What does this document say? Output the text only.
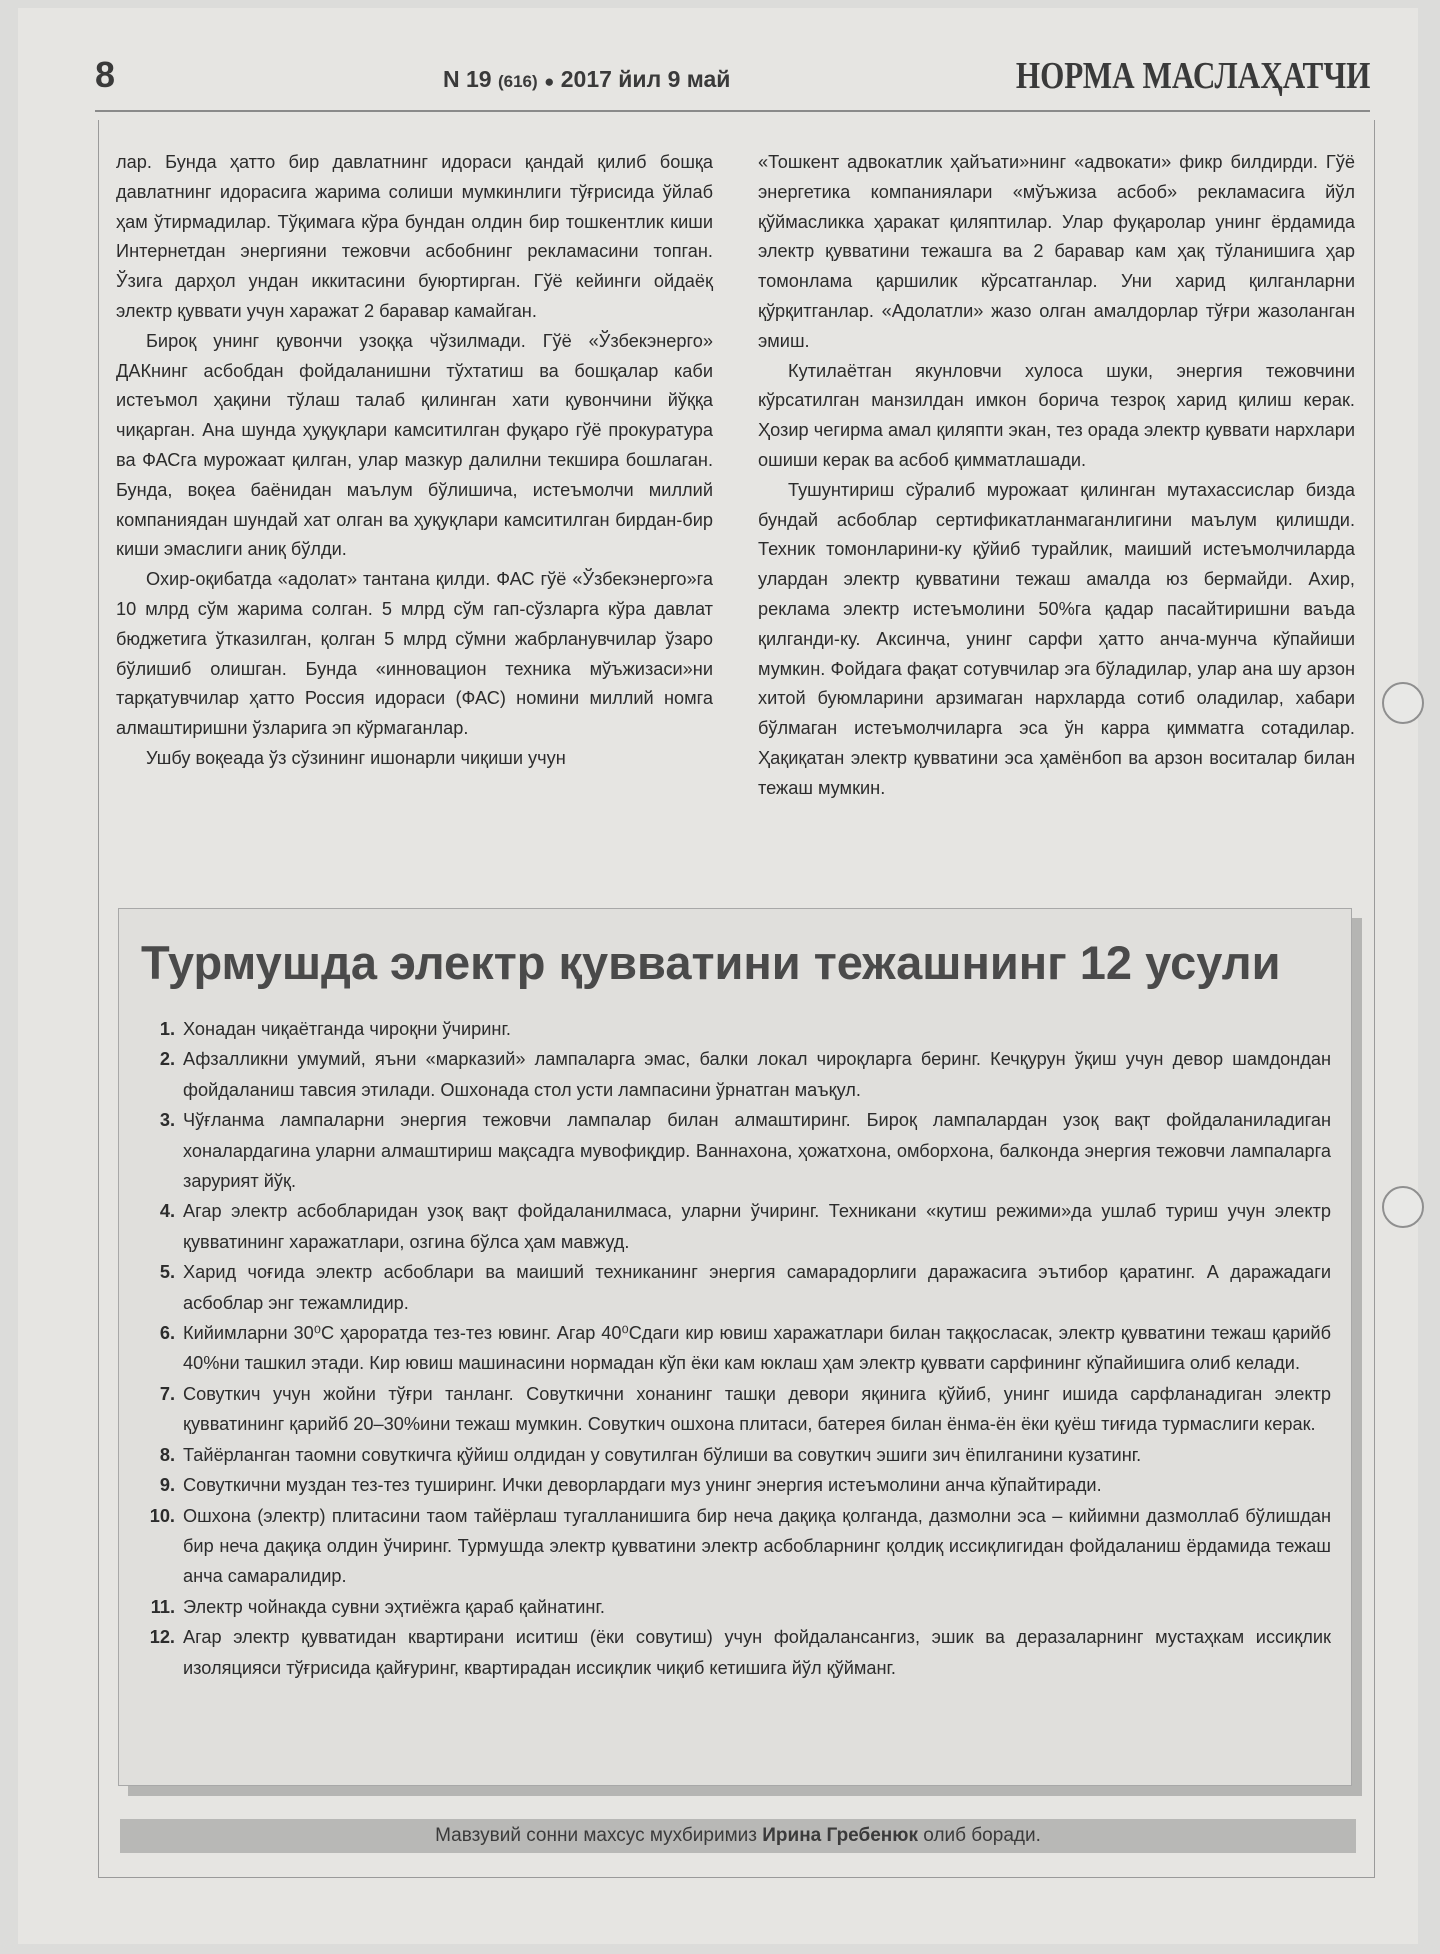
8	N 19 (616) ● 2017 йил 9 май	НОРМА МАСЛАҲАТЧИ

лар. Бунда ҳатто бир давлатнинг идораси қандай қилиб бошқа давлатнинг идорасига жарима солиши мумкинлиги тўғрисида ўйлаб ҳам ўтирмадилар. Тўқимага кўра бундан олдин бир тошкентлик киши Интернетдан энергияни тежовчи асбобнинг рекламасини топган. Ўзига дарҳол ундан иккитасини буюртирган. Гўё кейинги ойдаёқ электр қуввати учун харажат 2 баравар камайган.

Бироқ унинг қувончи узоққа чўзилмади. Гўё «Ўзбекэнерго» ДАКнинг асбобдан фойдаланишни тўхтатиш ва бошқалар каби истеъмол ҳақини тўлаш талаб қилинган хати қувончини йўққа чиқарган. Ана шунда ҳуқуқлари камситилган фуқаро гўё прокуратура ва ФАСга мурожаат қилган, улар мазкур далилни текшира бошлаган. Бунда, воқеа баёнидан маълум бўлишича, истеъмолчи миллий компаниядан шундай хат олган ва ҳуқуқлари камситилган бирдан-бир киши эмаслиги аниқ бўлди.

Охир-оқибатда «адолат» тантана қилди. ФАС гўё «Ўзбекэнерго»га 10 млрд сўм жарима солган. 5 млрд сўм гап-сўзларга кўра давлат бюджетига ўтказилган, қолган 5 млрд сўмни жабрланувчилар ўзаро бўлишиб олишган. Бунда «инновацион техника мўъжизаси»ни тарқатувчилар ҳатто Россия идораси (ФАС) номини миллий номга алмаштиришни ўзларига эп кўрмаганлар.

Ушбу воқеада ўз сўзининг ишонарли чиқиши учун

«Тошкент адвокатлик ҳайъати»нинг «адвокати» фикр билдирди. Гўё энергетика компаниялари «мўъжиза асбоб» рекламасига йўл қўймасликка ҳаракат қиляптилар. Улар фуқаролар унинг ёрдамида электр қувватини тежашга ва 2 баравар кам ҳақ тўланишига ҳар томонлама қаршилик кўрсатганлар. Уни харид қилганларни қўрқитганлар. «Адолатли» жазо олган амалдорлар тўғри жазоланган эмиш.

Кутилаётган якунловчи хулоса шуки, энергия тежовчини кўрсатилган манзилдан имкон борича тезроқ харид қилиш керак. Ҳозир чегирма амал қиляпти экан, тез орада электр қуввати нархлари ошиши керак ва асбоб қимматлашади.

Тушунтириш сўралиб мурожаат қилинган мутахассислар бизда бундай асбоблар сертификатланмаганлигини маълум қилишди. Техник томонларини-ку қўйиб турайлик, маиший истеъмолчиларда улардан электр қувватини тежаш амалда юз бермайди. Ахир, реклама электр истеъмолини 50%га қадар пасайтиришни ваъда қилганди-ку. Аксинча, унинг сарфи ҳатто анча-мунча кўпайиши мумкин. Фойдага фақат сотувчилар эга бўладилар, улар ана шу арзон хитой буюмларини арзимаган нархларда сотиб оладилар, хабари бўлмаган истеъмолчиларга эса ўн карра қимматга сотадилар. Ҳақиқатан электр қувватини эса ҳамёнбоп ва арзон воситалар билан тежаш мумкин.

Турмушда электр қувватини тежашнинг 12 усули
1. Хонадан чиқаётганда чироқни ўчиринг.
2. Афзалликни умумий, яъни «марказий» лампаларга эмас, балки локал чироқларга беринг. Кечқурун ўқиш учун девор шамдондан фойдаланиш тавсия этилади. Ошхонада стол усти лампасини ўрнатган маъқул.
3. Чўғланма лампаларни энергия тежовчи лампалар билан алмаштиринг. Бироқ лампалардан узоқ вақт фойдаланиладиган хоналардагина уларни алмаштириш мақсадга мувофиқдир. Ваннахона, ҳожатхона, омборхона, балконда энергия тежовчи лампаларга зарурият йўқ.
4. Агар электр асбобларидан узоқ вақт фойдаланилмаса, уларни ўчиринг. Техникани «кутиш режими»да ушлаб туриш учун электр қувватининг харажатлари, озгина бўлса ҳам мавжуд.
5. Харид чоғида электр асбоблари ва маиший техниканинг энергия самарадорлиги даражасига эътибор қаратинг. А даражадаги асбоблар энг тежамлидир.
6. Кийимларни 30⁰С ҳароратда тез-тез ювинг. Агар 40⁰Сдаги кир ювиш харажатлари билан таққосласак, электр қувватини тежаш қарийб 40%ни ташкил этади. Кир ювиш машинасини нормадан кўп ёки кам юклаш ҳам электр қуввати сарфининг кўпайишига олиб келади.
7. Совуткич учун жойни тўғри танланг. Совуткични хонанинг ташқи девори яқинига қўйиб, унинг ишида сарфланадиган электр қувватининг қарийб 20–30%ини тежаш мумкин. Совуткич ошхона плитаси, батерея билан ёнма-ён ёки қуёш тиғида турмаслиги керак.
8. Тайёрланган таомни совуткичга қўйиш олдидан у совутилган бўлиши ва совуткич эшиги зич ёпилганини кузатинг.
9. Совуткични муздан тез-тез туширинг. Ички деворлардаги муз унинг энергия истеъмолини анча кўпайтиради.
10. Ошхона (электр) плитасини таом тайёрлаш тугалланишига бир неча дақиқа қолганда, дазмолни эса – кийимни дазмоллаб бўлишдан бир неча дақиқа олдин ўчиринг. Турмушда электр қувватини электр асбобларнинг қолдиқ иссиқлигидан фойдаланиш ёрдамида тежаш анча самаралидир.
11. Электр чойнакда сувни эҳтиёжга қараб қайнатинг.
12. Агар электр қувватидан квартирани иситиш (ёки совутиш) учун фойдалансангиз, эшик ва деразаларнинг мустаҳкам иссиқлик изоляцияси тўғрисида қайғуринг, квартирадан иссиқлик чиқиб кетишига йўл қўйманг.
Мавзувий сонни махсус мухбиримиз Ирина Гребенюк олиб боради.
